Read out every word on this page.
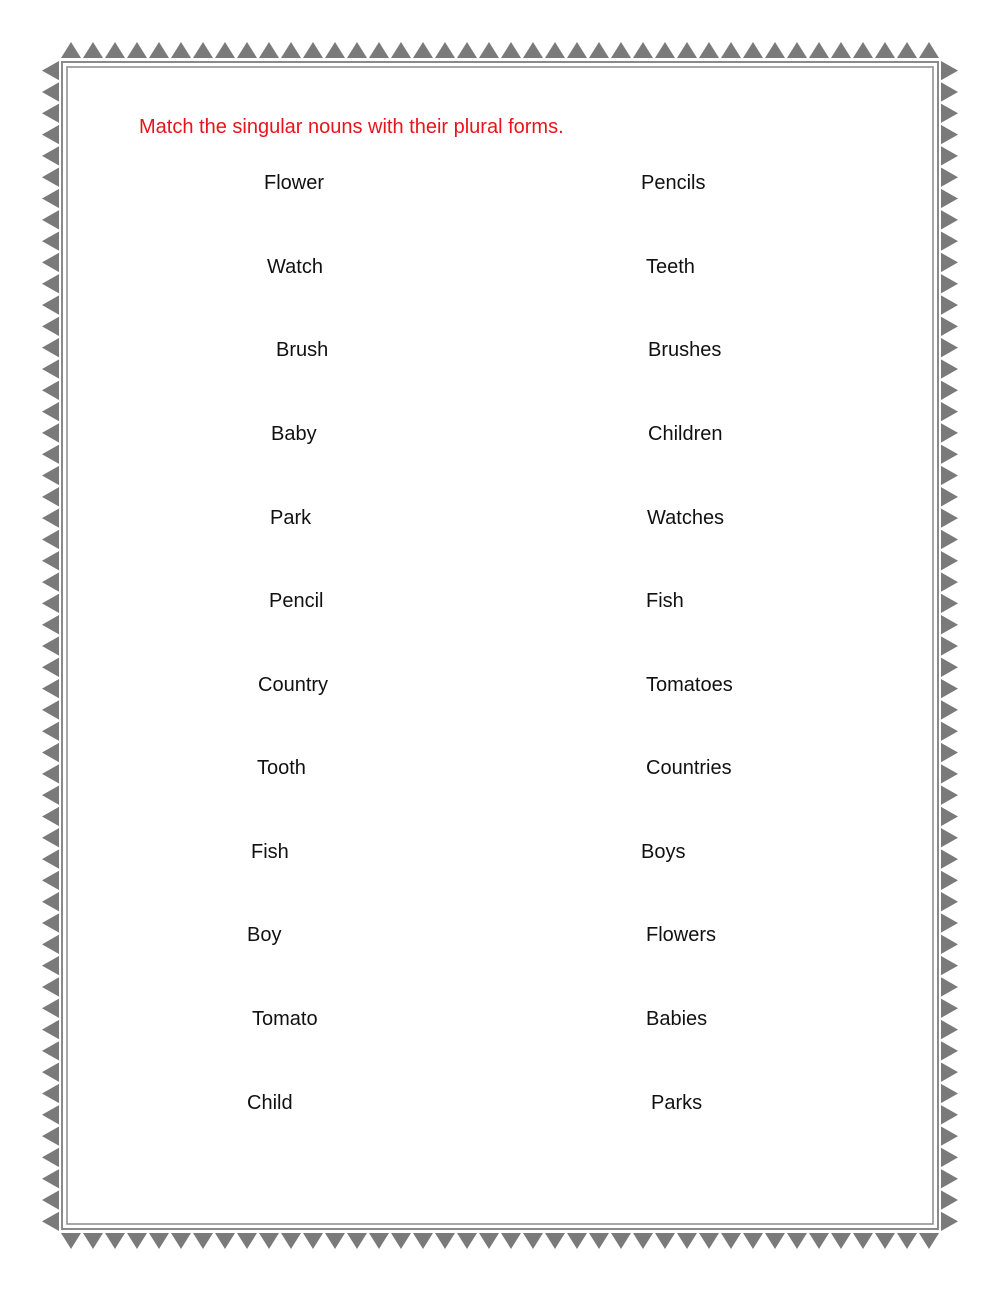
Match the singular nouns with their plural forms.
Flower
Watch
Brush
Baby
Park
Pencil
Country
Tooth
Fish
Boy
Tomato
Child
Pencils
Teeth
Brushes
Children
Watches
Fish
Tomatoes
Countries
Boys
Flowers
Babies
Parks
